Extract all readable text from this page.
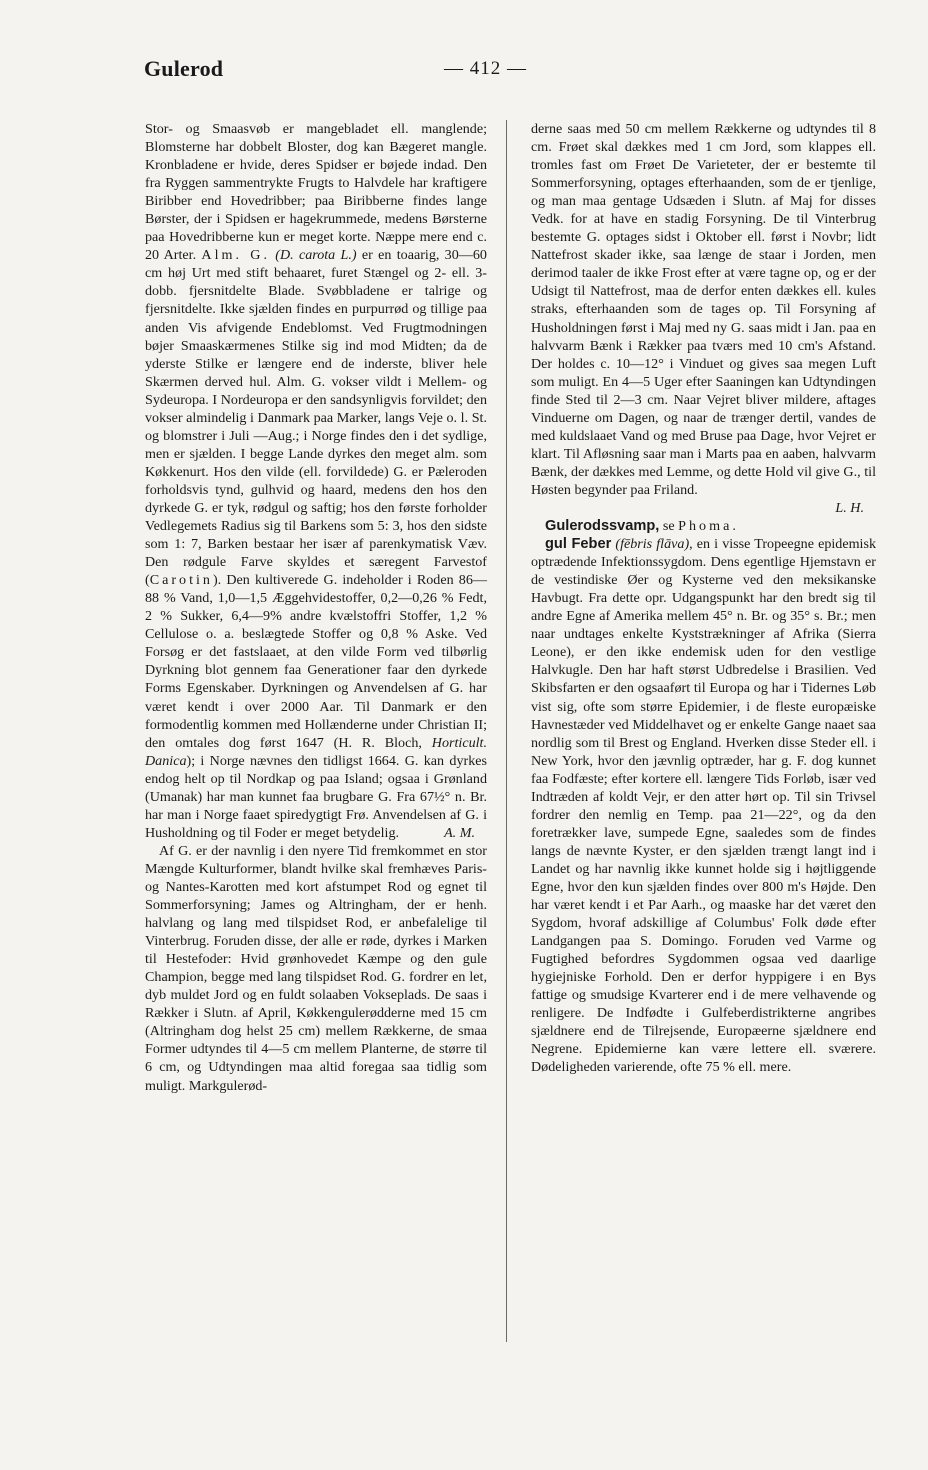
Gulerod	— 412 —

Stor- og Smaasvøb er mangebladet ell. manglende; Blomsterne har dobbelt Bloster, dog kan Bægeret mangle. Kronbladene er hvide, deres Spidser er bøjede indad. Den fra Ryggen sammentrykte Frugts to Halvdele har kraftigere Biribber end Hovedribber; paa Biribberne findes lange Børster, der i Spidsen er hagekrummede, medens Børsterne paa Hovedribberne kun er meget korte. Næppe mere end c. 20 Arter. Alm. G. (D. carota L.) er en toaarig, 30—60 cm høj Urt med stift behaaret, furet Stængel og 2- ell. 3-dobb. fjersnitdelte Blade. Svøbbladene er talrige og fjersnitdelte. Ikke sjælden findes en purpurrød og tillige paa anden Vis afvigende Endeblomst. Ved Frugtmodningen bøjer Smaaskærmenes Stilke sig ind mod Midten; da de yderste Stilke er længere end de inderste, bliver hele Skærmen derved hul. Alm. G. vokser vildt i Mellem- og Sydeuropa. I Nordeuropa er den sandsynligvis forvildet; den vokser almindelig i Danmark paa Marker, langs Veje o. l. St. og blomstrer i Juli —Aug.; i Norge findes den i det sydlige, men er sjælden. I begge Lande dyrkes den meget alm. som Køkkenurt. Hos den vilde (ell. forvildede) G. er Pæleroden forholdsvis tynd, gulhvid og haard, medens den hos den dyrkede G. er tyk, rødgul og saftig; hos den første forholder Vedlegemets Radius sig til Barkens som 5: 3, hos den sidste som 1: 7, Barken bestaar her især af parenkymatisk Væv. Den rødgule Farve skyldes et særegent Farvestof (Carotin). Den kultiverede G. indeholder i Roden 86—88 % Vand, 1,0—1,5 Æggehvidestoffer, 0,2—0,26 % Fedt, 2 % Sukker, 6,4—9% andre kvælstoffri Stoffer, 1,2 % Cellulose o. a. beslægtede Stoffer og 0,8 % Aske. Ved Forsøg er det fastslaaet, at den vilde Form ved tilbørlig Dyrkning blot gennem faa Generationer faar den dyrkede Forms Egenskaber. Dyrkningen og Anvendelsen af G. har været kendt i over 2000 Aar. Til Danmark er den formodentlig kommen med Hollænderne under Christian II; den omtales dog først 1647 (H. R. Bloch, Horticult. Danica); i Norge nævnes den tidligst 1664. G. kan dyrkes endog helt op til Nordkap og paa Island; ogsaa i Grønland (Umanak) har man kunnet faa brugbare G. Fra 67½° n. Br. har man i Norge faaet spiredygtigt Frø. Anvendelsen af G. i Husholdning og til Foder er meget betydelig.	A. M.

Af G. er der navnlig i den nyere Tid fremkommet en stor Mængde Kulturformer, blandt hvilke skal fremhæves Paris- og Nantes-Karotten med kort afstumpet Rod og egnet til Sommerforsyning; James og Altringham, der er henh. halvlang og lang med tilspidset Rod, er anbefalelige til Vinterbrug. Foruden disse, der alle er røde, dyrkes i Marken til Hestefoder: Hvid grønhovedet Kæmpe og den gule Champion, begge med lang tilspidset Rod. G. fordrer en let, dyb muldet Jord og en fuldt solaaben Vokseplads. De saas i Rækker i Slutn. af April, Køkkengulerødderne med 15 cm (Altringham dog helst 25 cm) mellem Rækkerne, de smaa Former udtyndes til 4—5 cm mellem Planterne, de større til 6 cm, og Udtyndingen maa altid foregaa saa tidlig som muligt. Markgulerød-

derne saas med 50 cm mellem Rækkerne og udtyndes til 8 cm. Frøet skal dækkes med 1 cm Jord, som klappes ell. tromles fast om Frøet De Varieteter, der er bestemte til Sommerforsyning, optages efterhaanden, som de er tjenlige, og man maa gentage Udsæden i Slutn. af Maj for disses Vedk. for at have en stadig Forsyning. De til Vinterbrug bestemte G. optages sidst i Oktober ell. først i Novbr; lidt Nattefrost skader ikke, saa længe de staar i Jorden, men derimod taaler de ikke Frost efter at være tagne op, og er der Udsigt til Nattefrost, maa de derfor enten dækkes ell. kules straks, efterhaanden som de tages op. Til Forsyning af Husholdningen først i Maj med ny G. saas midt i Jan. paa en halvvarm Bænk i Rækker paa tværs med 10 cm's Afstand. Der holdes c. 10—12° i Vinduet og gives saa megen Luft som muligt. En 4—5 Uger efter Saaningen kan Udtyndingen finde Sted til 2—3 cm. Naar Vejret bliver mildere, aftages Vinduerne om Dagen, og naar de trænger dertil, vandes de med kuldslaaet Vand og med Bruse paa Dage, hvor Vejret er klart. Til Afløsning saar man i Marts paa en aaben, halvvarm Bænk, der dækkes med Lemme, og dette Hold vil give G., til Høsten begynder paa Friland.

L. H.

Gulerodssvamp, se Phoma.

gul Feber (fēbris flāva), en i visse Tropeegne epidemisk optrædende Infektionssygdom. Dens egentlige Hjemstavn er de vestindiske Øer og Kysterne ved den meksikanske Havbugt. Fra dette opr. Udgangspunkt har den bredt sig til andre Egne af Amerika mellem 45° n. Br. og 35° s. Br.; men naar undtages enkelte Kyststrækninger af Afrika (Sierra Leone), er den ikke endemisk uden for den vestlige Halvkugle. Den har haft størst Udbredelse i Brasilien. Ved Skibsfarten er den ogsaaført til Europa og har i Tidernes Løb vist sig, ofte som større Epidemier, i de fleste europæiske Havnestæder ved Middelhavet og er enkelte Gange naaet saa nordlig som til Brest og England. Hverken disse Steder ell. i New York, hvor den jævnlig optræder, har g. F. dog kunnet faa Fodfæste; efter kortere ell. længere Tids Forløb, især ved Indtræden af koldt Vejr, er den atter hørt op. Til sin Trivsel fordrer den nemlig en Temp. paa 21—22°, og da den foretrækker lave, sumpede Egne, saaledes som de findes langs de nævnte Kyster, er den sjælden trængt langt ind i Landet og har navnlig ikke kunnet holde sig i højtliggende Egne, hvor den kun sjælden findes over 800 m's Højde. Den har været kendt i et Par Aarh., og maaske har det været den Sygdom, hvoraf adskillige af Columbus' Folk døde efter Landgangen paa S. Domingo. Foruden ved Varme og Fugtighed befordres Sygdommen ogsaa ved daarlige hygiejniske Forhold. Den er derfor hyppigere i en Bys fattige og smudsige Kvarterer end i de mere velhavende og renligere. De Indfødte i Gulfeberdistrikterne angribes sjældnere end de Tilrejsende, Europæerne sjældnere end Negrene. Epidemierne kan være lettere ell. sværere. Dødeligheden varierende, ofte 75 % ell. mere.
